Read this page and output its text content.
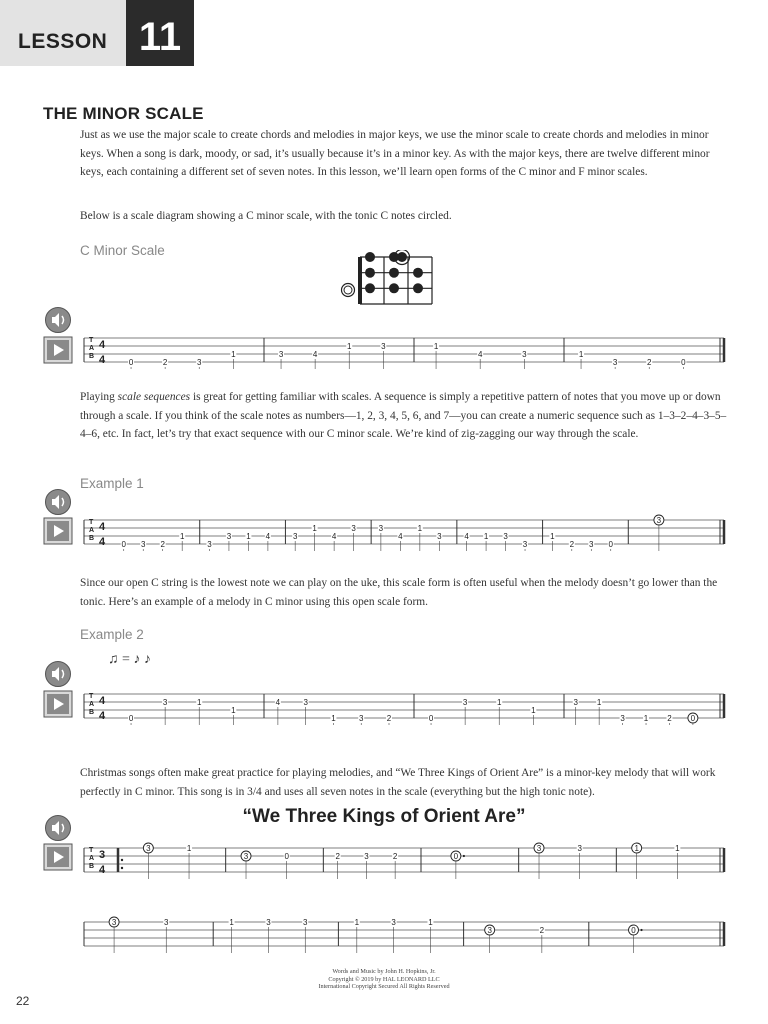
LESSON 11
THE MINOR SCALE

Just as we use the major scale to create chords and melodies in major keys, we use the minor scale to create chords and melodies in minor keys. When a song is dark, moody, or sad, it’s usually because it’s in a minor key. As with the major keys, there are twelve different minor keys, each containing a different set of seven notes. In this lesson, we’ll learn open forms of the C minor and F minor scales.

Below is a scale diagram showing a C minor scale, with the tonic C notes circled.

C Minor Scale
T
A
B
4
4	0	2	3
1	3	4
1	3	1
4	3	1
3	2	0

Playing scale sequences is great for getting familiar with scales. A sequence is simply a repetitive pattern of notes that you move up or down through a scale. If you think of the scale notes as numbers—1, 2, 3, 4, 5, 6, and 7—you can create a numeric sequence such as 1–3–2–4–3–5–4–6, etc. In fact, let’s try that exact sequence with our C minor scale. We’re kind of zig-zagging our way through the scale.

Example 1
T
A
B
4
4 0 3 2
1
3
3 1 4	3
1
4
3	3
4
1
3	4 1 3
3
1
2 3 0
3

Since our open C string is the lowest note we can play on the uke, this scale form is often useful when the melody doesn’t go lower than the tonic. Here’s an example of a melody in C minor using this open scale form.

Example 2
♫ = ♪ ♪
T
A
B
4
4	0
3	1
1
4	3
1	3	2	0
3	1
1
3 1
3 1 2 0

Christmas songs often make great practice for playing melodies, and “We Three Kings of Orient Are” is a minor-key melody that will work perfectly in C minor. This song is in 3/4 and uses all seven notes in the scale (everything but the high tonic note).

“We Three Kings of Orient Are”
T
A
B
3
4
3	1
3	0	2	3	2	0
3	3	1	1
3	3	1	3	3	1	3	1
3	2	0
Words and Music by John H. Hopkins, Jr.
Copyright © 2019 by HAL LEONARD LLC
International Copyright Secured All Rights Reserved
22
